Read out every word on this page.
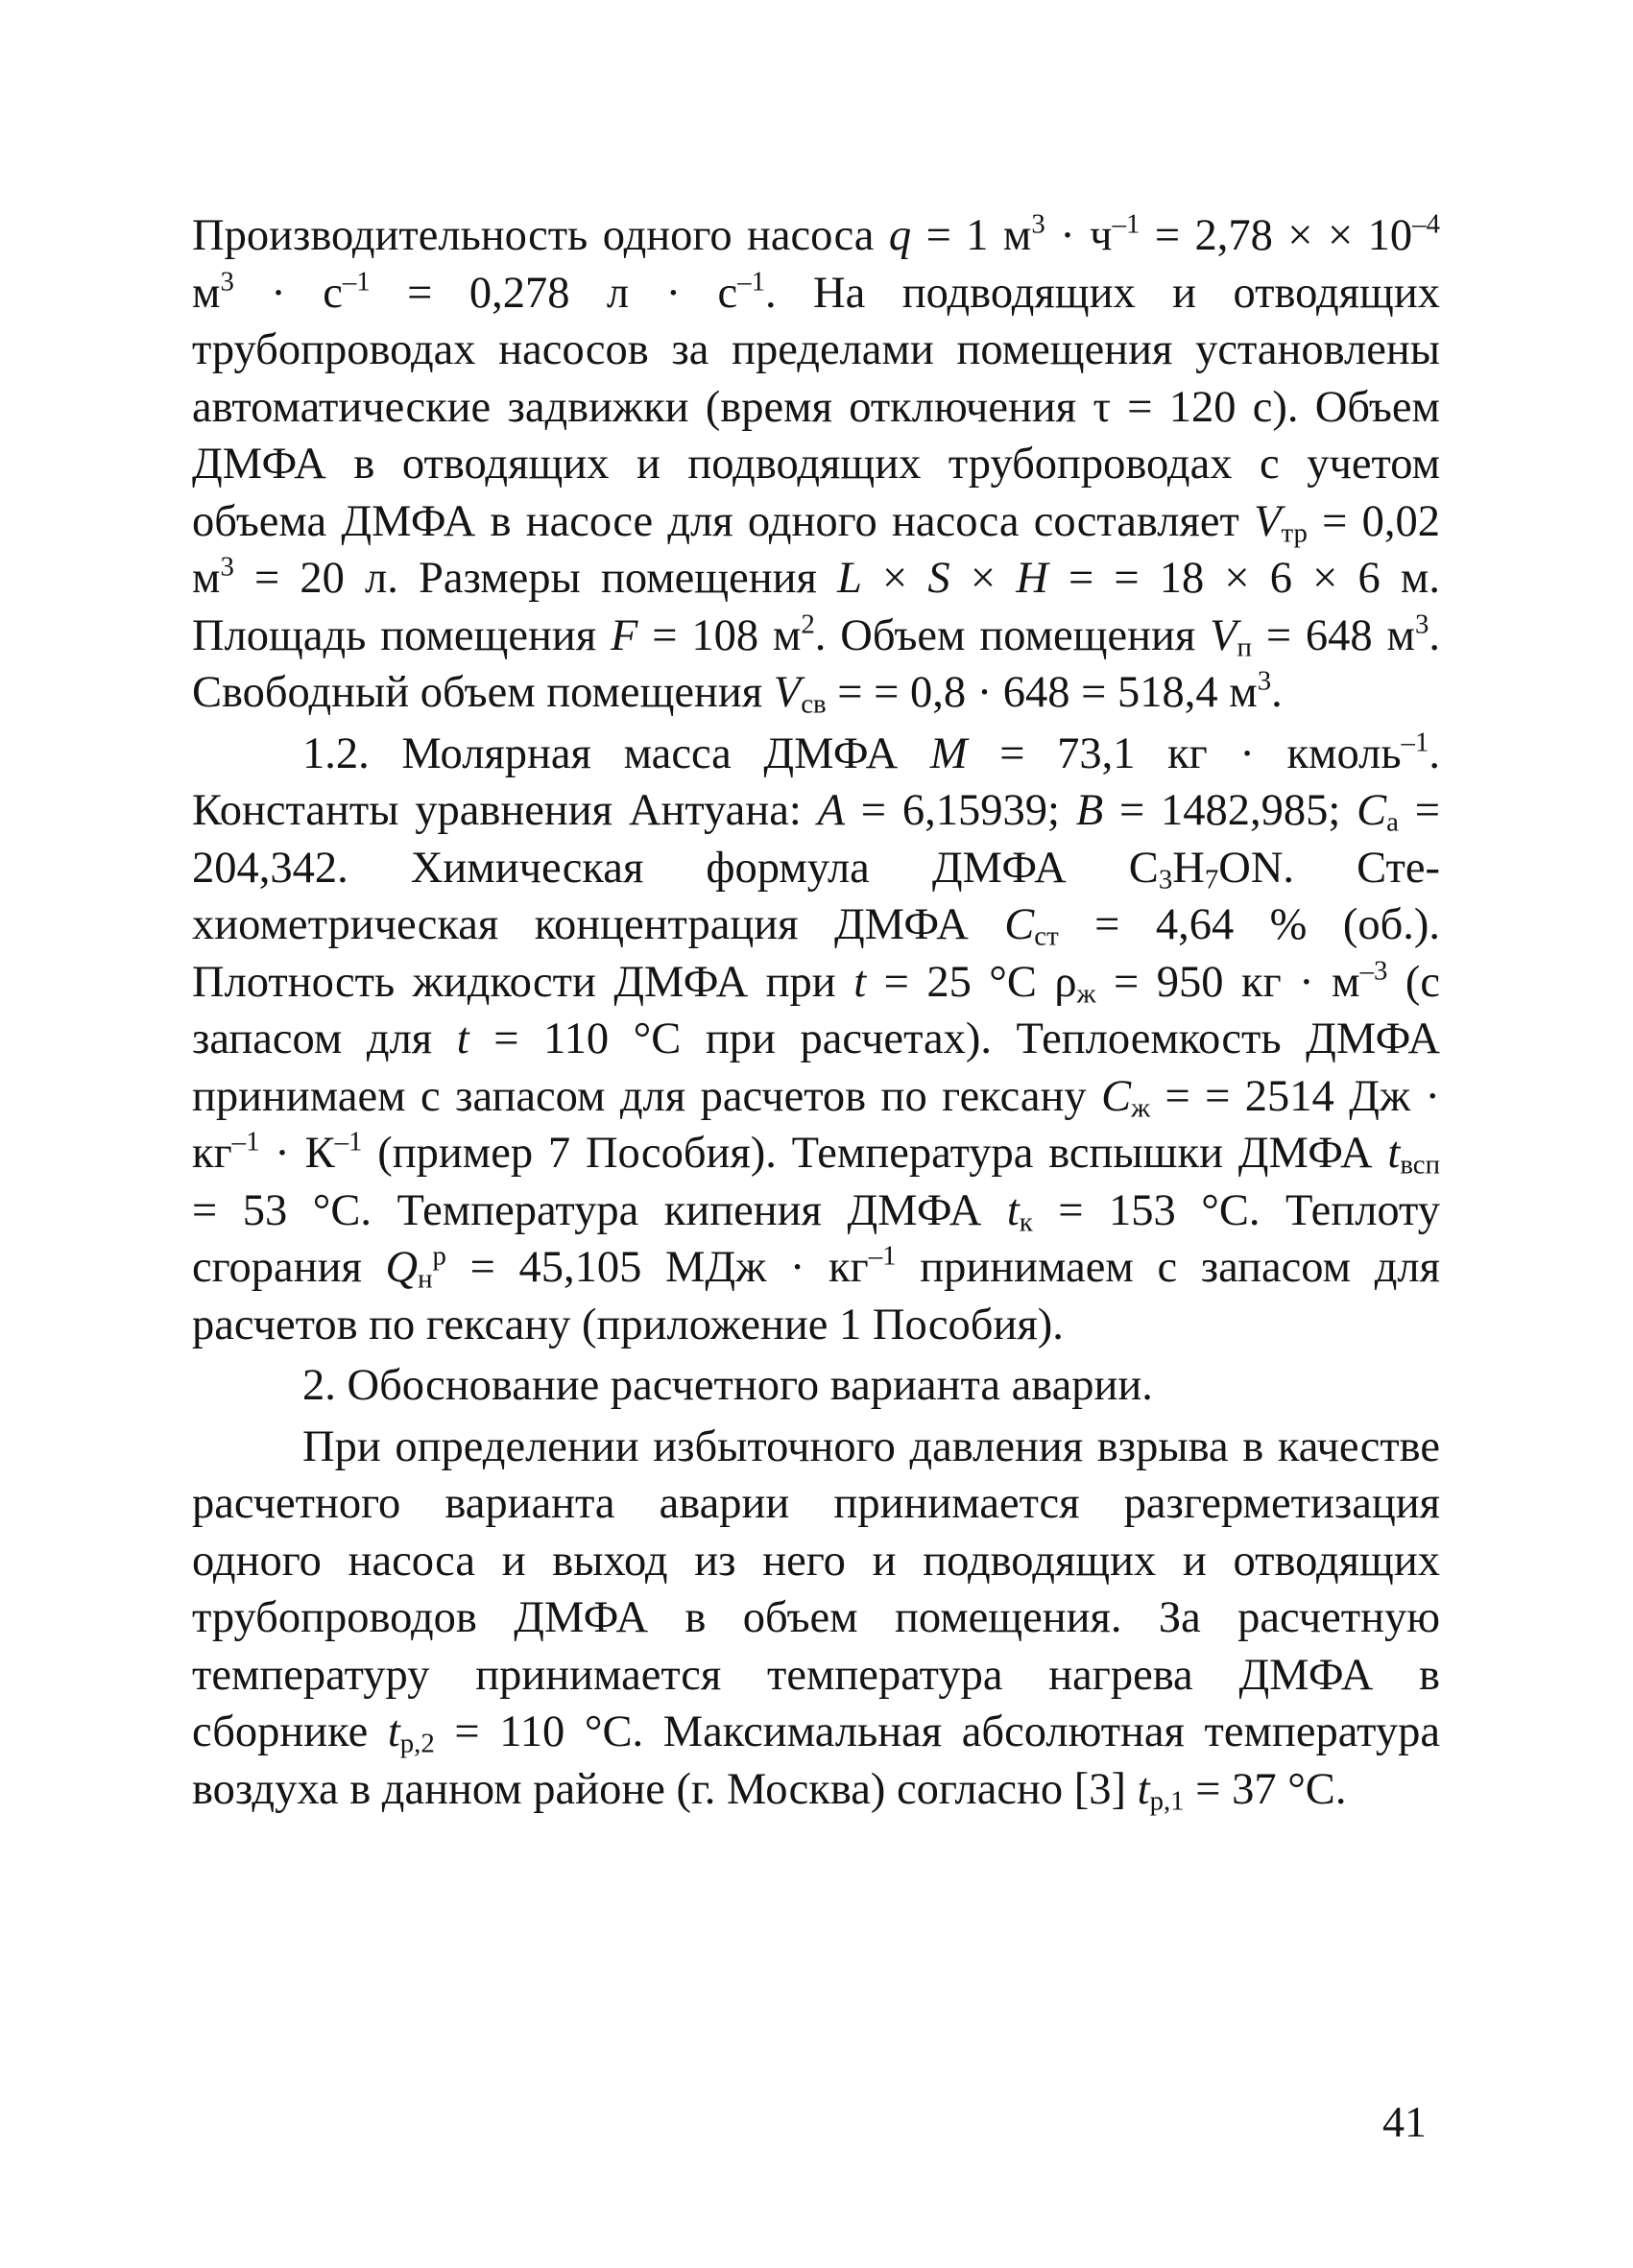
Производительность одного насоса q = 1 $м^3 \cdot ч^{-1} = 2,78$ × × $10^{-4}$ $м^3 \cdot с^{-1} = 0,278$ $л \cdot с^{-1}$. На подводящих и отводящих трубопроводах насосов за пределами помещения установлены автоматические задвижки (время отключения τ = 120 с). Объем ДМФА в отводящих и подводящих трубопроводах с учетом объема ДМФА в насосе для одного насоса составляет $V_{тр} = 0,02$ $м^3 = 20$ л. Размеры помещения L × S × H = = 18 × 6 × 6 м. Площадь помещения F = 108 $м^2$. Объем помещения $V_п = 648$ $м^3$. Свободный объем помещения $V_{св}$ = = 0,8 · 648 = 518,4 $м^3$.

1.2. Молярная масса ДМФА M = 73,1 кг · кмоль$^{-1}$. Константы уравнения Антуана: A = 6,15939; B = 1482,985; $C_а = 204,342$. Химическая формула ДМФА $C_3H_7ON$. Стехиометрическая концентрация ДМФА $C_{ст} = 4,64$ % (об.). Плотность жидкости ДМФА при t = 25 °С $\rho_ж = 950$ кг · $м^{-3}$ (с запасом для t = 110 °С при расчетах). Теплоемкость ДМФА принимаем с запасом для расчетов по гексану $C_ж$ = = 2514 Дж · $кг^{-1} \cdot К^{-1}$ (пример 7 Пособия). Температура вспышки ДМФА $t_{всп} = 53$ °С. Температура кипения ДМФА $t_к = 153$ °С. Теплоту сгорания $Q_н^р = 45,105$ МДж · $кг^{-1}$ принимаем с запасом для расчетов по гексану (приложение 1 Пособия).

2. Обоснование расчетного варианта аварии.

При определении избыточного давления взрыва в качестве расчетного варианта аварии принимается разгерметизация одного насоса и выход из него и подводящих и отводящих трубопроводов ДМФА в объем помещения. За расчетную температуру принимается температура нагрева ДМФА в сборнике $t_{р,2} = 110$ °С. Максимальная абсолютная температура воздуха в данном районе (г. Москва) согласно [3] $t_{р,1} = 37$ °С.

41
